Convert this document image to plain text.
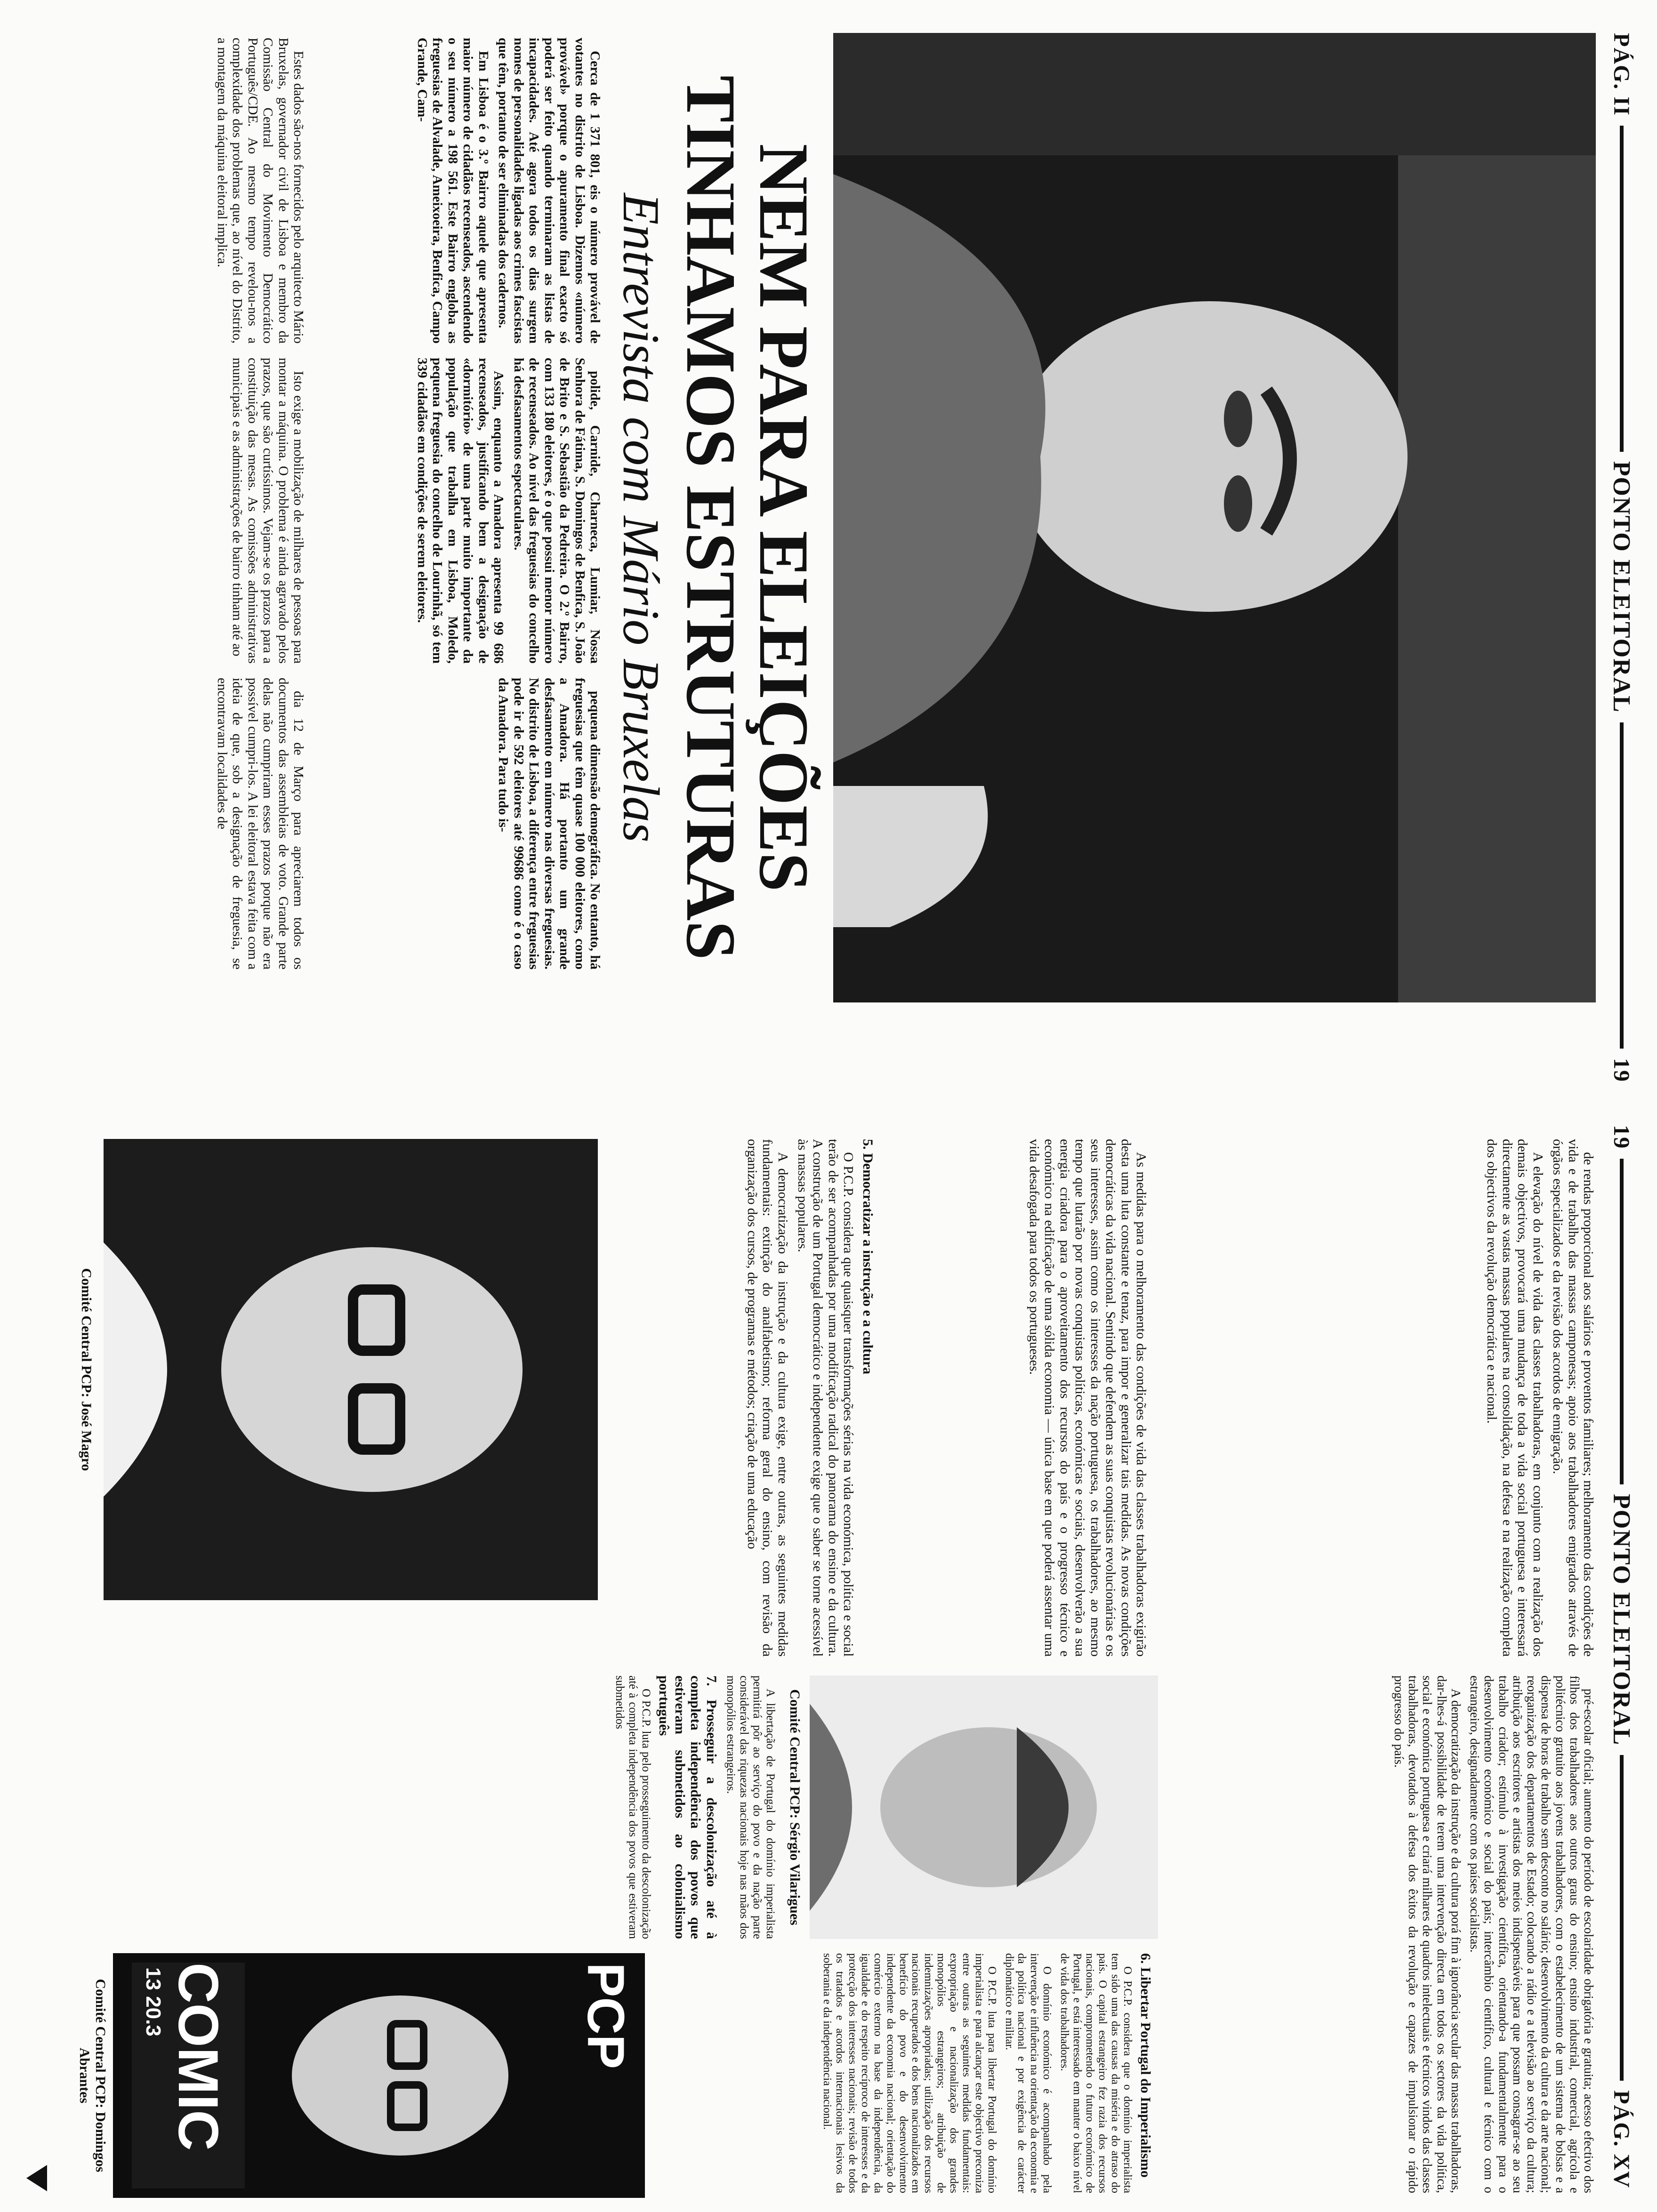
PÁG. II
PONTO ELEITORAL
19
NEM PARA ELEIÇÕES
TINHAMOS ESTRUTURAS
Entrevista com Mário Bruxelas

Cerca de 1 371 801, eis o número provável de votantes no distrito de Lisboa. Dizemos «número provável» porque o apuramento final exacto só poderá ser feito quando terminaram as listas de incapacidades. Até agora todos os dias surgem nomes de personalidades ligadas aos crimes fascistas que têm, portanto de ser eliminadas dos cadernos.

Em Lisboa é o 3.º Bairro aquele que apresenta maior número de cidadãos recenseados, ascendendo o seu número a 198 561. Este Bairro engloba as freguesias de Alvalade, Ameixoeira, Benfica, Campo Grande, Cam-

polide, Carnide, Charneca, Lumiar, Nossa Senhora de Fátima, S. Domingos de Benfica, S. João de Brito e S. Sebastião da Pedreira. O 2.º Bairro, com 133 180 eleitores, é o que possui menor número de recenseados. Ao nível das freguesias do concelho há desfasamentos espectaculares.

Assim, enquanto a Amadora apresenta 99 686 recenseados, justificando bem a designação de «dormitório» de uma parte muito importante da população que trabalha em Lisboa, Moledo, pequena freguesia do concelho de Lourinhã, só tem 339 cidadãos em condições de serem eleitores.

pequena dimensão demográfica. No entanto, há freguesias que têm quase 100 000 eleitores, como a Amadora. Há portanto um grande desfasamento em número nas diversas freguesias. No distrito de Lisboa, a diferença entre freguesias pode ir de 592 eleitores até 99686 como é o caso da Amadora. Para tudo is-

Estes dados são-nos fornecidos pelo arquitecto Mário Bruxelas, governador civil de Lisboa e membro da Comissão Central do Movimento Democrático Português/CDE. Ao mesmo tempo revelou-nos a complexidade dos problemas que, ao nível do Distrito, a montagem da máquina eleitoral implica.

Isto exige a mobilização de milhares de pessoas para montar a máquina. O problema é ainda agravado pelos prazos, que são curtíssimos. Vejam-se os prazos para a constituição das mesas. As comissões administrativas municipais e as administrações de bairro tinham até ao

dia 12 de Março para apreciarem todos os documentos das assembleias de voto. Grande parte delas não cumpriram esses prazos porque não era possível cumpri-los. A lei eleitoral estava feita com a ideia de que, sob a designação de freguesia, se encontravam localidades de

19
PONTO ELEITORAL
PÁG. XV
Comité Central PCP: José Magro
Comité Central PCP: Sérgio Vilarigues
PCP
COMIC
13 20.3
Comité Central PCP: Domingos Abrantes

de rendas proporcional aos salários e proventos familiares; melhoramento das condições de vida e de trabalho das massas camponesas; apoio aos trabalhadores emigrados através de órgãos especializados e da revisão dos acordos de emigração.

A elevação do nível de vida das classes trabalhadoras, em conjunto com a realização dos demais objectivos, provocará uma mudança de toda a vida social portuguesa e interessará directamente as vastas massas populares na consolidação, na defesa e na realização completa dos objectivos da revolução democrática e nacional.

As medidas para o melhoramento das condições de vida das classes trabalhadoras exigirão desta uma luta constante e tenaz, para impor e generalizar tais medidas. As novas condições democráticas da vida nacional. Sentindo que defendem as suas conquistas revolucionárias e os seus interesses, assim como os interesses da nação portuguesa, os trabalhadores, ao mesmo tempo que lutarão por novas conquistas políticas, económicas e sociais, desenvolverão a sua energia criadora para o aproveitamento dos recursos do país e o progresso técnico e económico na edificação de uma sólida economia — única base em que poderá assentar uma vida desafogada para todos os portugueses.

5. Democratizar a instrução e a cultura

O P.C.P. considera que quaisquer transformações sérias na vida económica, política e social terão de ser acompanhadas por uma modificação radical do panorama do ensino e da cultura. A construção de um Portugal democrático e independente exige que o saber se torne acessível às massas populares.

A democratização da instrução e da cultura exige, entre outras, as seguintes medidas fundamentais: extinção do analfabetismo; reforma geral do ensino, com revisão da organização dos cursos, de programas e métodos; criação de uma educação

pré-escolar oficial; aumento do período de escolaridade obrigatória e gratuita; acesso efectivo dos filhos dos trabalhadores aos outros graus do ensino; ensino industrial, comercial, agrícola e politécnico gratuito aos jovens trabalhadores, com o estabelecimento de um sistema de bolsas e a dispensa de horas de trabalho sem desconto no salário; desenvolvimento da cultura e da arte nacional; reorganização dos departamentos de Estado; colocando a rádio e a televisão ao serviço da cultura; atribuição aos escritores e artistas dos meios indispensáveis para que possam consagrar-se ao seu trabalho criador; estímulo à investigação científica, orientando-a fundamentalmente para o desenvolvimento económico e social do país; intercâmbio científico, cultural e técnico com o estrangeiro, designadamente com os países socialistas.

A democratização da instrução e da cultura porá fim à ignorância secular das massas trabalhadoras, dar-lhes-á possibilidade de terem uma intervenção directa em todos os sectores da vida política, social e económica portuguesa e criará milhares de quadros intelectuais e técnicos vindos das classes trabalhadoras, devotados à defesa dos êxitos da revolução e capazes de impulsionar o rápido progresso do país.

6. Libertar Portugal do Imperialismo

O P.C.P. considera que o domínio imperialista tem sido uma das causas da miséria e do atraso do país. O capital estrangeiro fez razia dos recursos nacionais, comprometendo o futuro económico de Portugal, e está interessado em manter o baixo nível de vida dos trabalhadores.

O domínio económico é acompanhado pela intervenção e influência na orientação da economia e da política nacional e por exigência de carácter diplomático e militar.

O P.C.P. luta para libertar Portugal do domínio imperialista e para alcançar este objectivo preconiza entre outras as seguintes medidas fundamentais: expropriação e nacionalização dos grandes monopólios estrangeiros; atribuição de indemnizações apropriadas; utilização dos recursos nacionais recuperados e dos bens nacionalizados em benefício do povo e do desenvolvimento independente da economia nacional; orientação do comércio externo na base da independência, da igualdade e do respeito recíproco de interesses e da protecção dos interesses nacionais; revisão de todos os tratados e acordos internacionais lesivos da soberania e da independência nacional.

A libertação de Portugal do domínio imperialista permitirá pôr ao serviço do povo e da nação parte considerável das riquezas nacionais hoje nas mãos dos monopólios estrangeiros.

7. Prosseguir a descolonização até à completa independência dos povos que estiveram submetidos ao colonialismo português

O P.C.P. luta pelo prosseguimento da descolonização até à completa independência dos povos que estiveram submetidos
